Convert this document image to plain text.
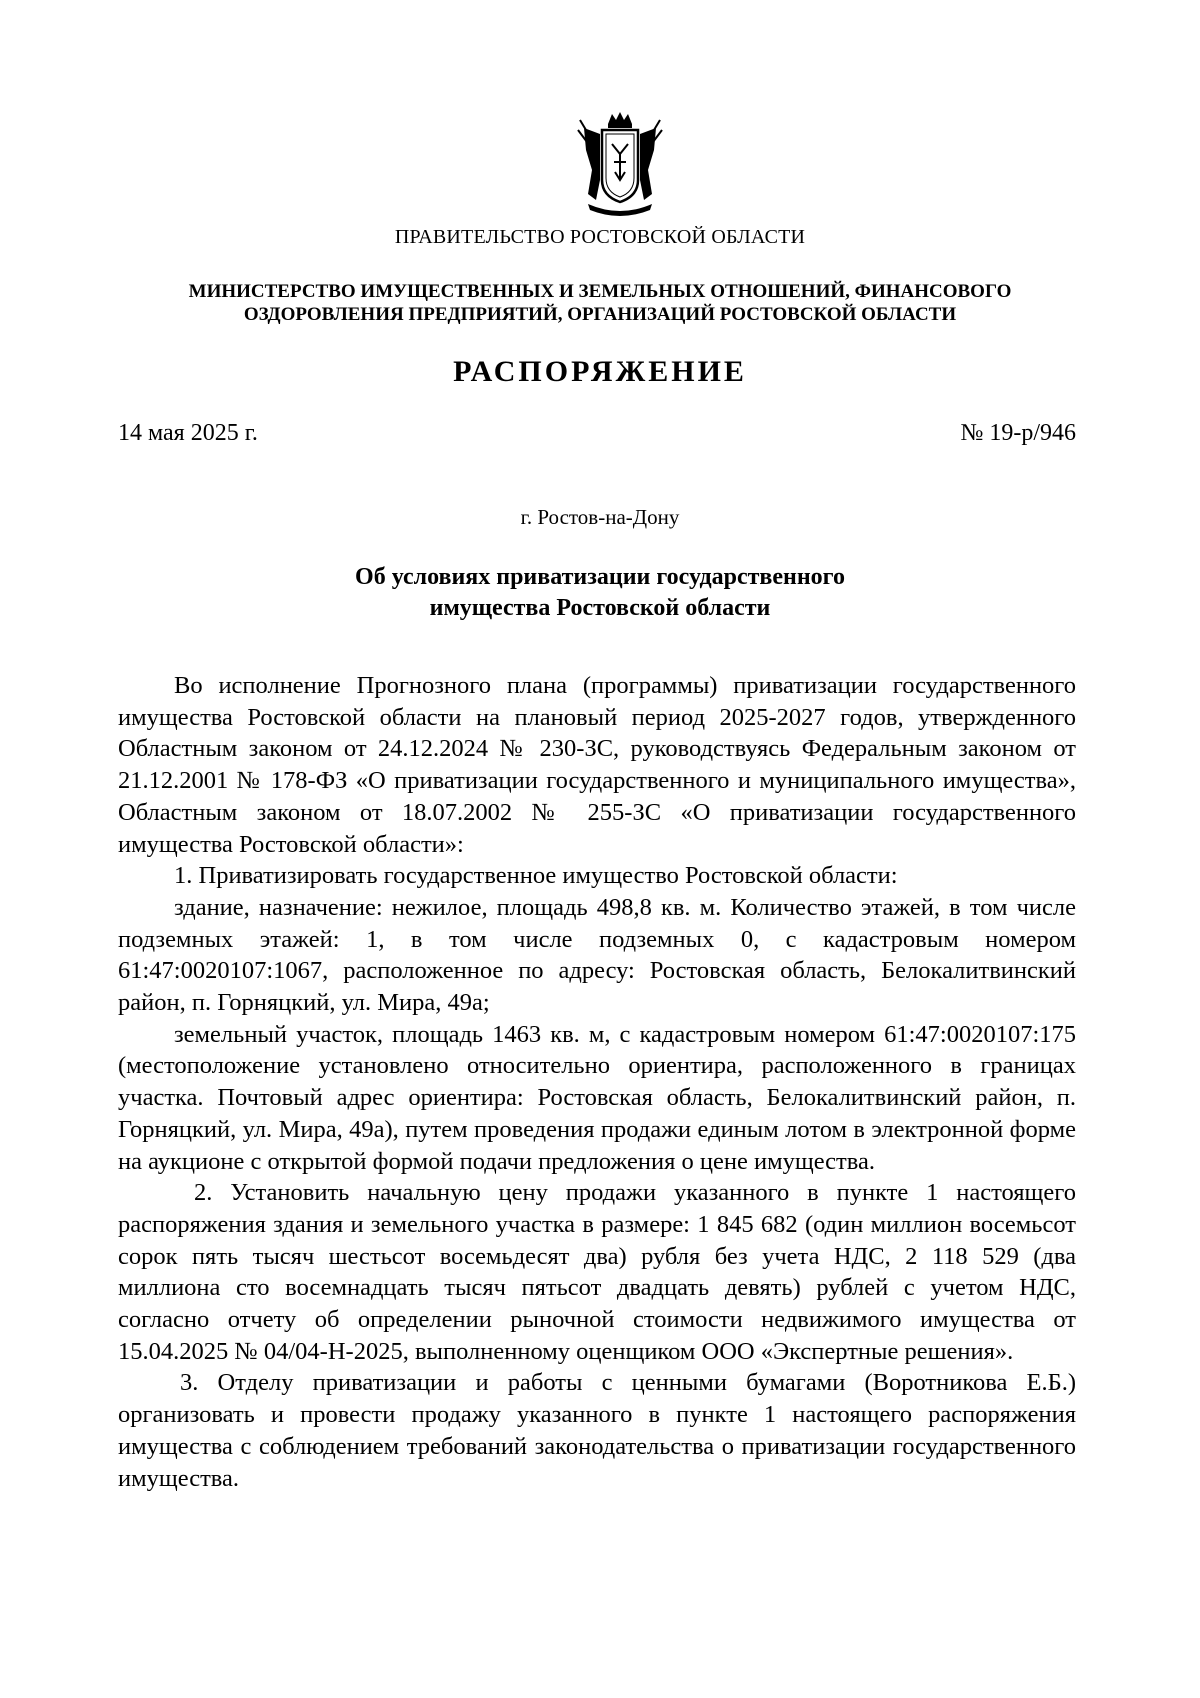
ПРАВИТЕЛЬСТВО РОСТОВСКОЙ ОБЛАСТИ
МИНИСТЕРСТВО ИМУЩЕСТВЕННЫХ И ЗЕМЕЛЬНЫХ ОТНОШЕНИЙ, ФИНАНСОВОГО
ОЗДОРОВЛЕНИЯ ПРЕДПРИЯТИЙ, ОРГАНИЗАЦИЙ РОСТОВСКОЙ ОБЛАСТИ
РАСПОРЯЖЕНИЕ
14 мая 2025 г.	№ 19-р/946
г. Ростов-на-Дону
Об условиях приватизации государственного
имущества Ростовской области

Во исполнение Прогнозного плана (программы) приватизации государственного имущества Ростовской области на плановый период 2025-2027 годов, утвержденного Областным законом от 24.12.2024 № 230-ЗС, руководствуясь Федеральным законом от 21.12.2001 № 178-ФЗ «О приватизации государственного и муниципального имущества», Областным законом от 18.07.2002 № 255-ЗС «О приватизации государственного имущества Ростовской области»:

1. Приватизировать государственное имущество Ростовской области:

здание, назначение: нежилое, площадь 498,8 кв. м. Количество этажей, в том числе подземных этажей: 1, в том числе подземных 0, с кадастровым номером 61:47:0020107:1067, расположенное по адресу: Ростовская область, Белокалитвинский район, п. Горняцкий, ул. Мира, 49а;

земельный участок, площадь 1463 кв. м, с кадастровым номером 61:47:0020107:175 (местоположение установлено относительно ориентира, расположенного в границах участка. Почтовый адрес ориентира: Ростовская область, Белокалитвинский район, п. Горняцкий, ул. Мира, 49а), путем проведения продажи единым лотом в электронной форме на аукционе с открытой формой подачи предложения о цене имущества.

2. Установить начальную цену продажи указанного в пункте 1 настоящего распоряжения здания и земельного участка в размере: 1 845 682 (один миллион восемьсот сорок пять тысяч шестьсот восемьдесят два) рубля без учета НДС, 2 118 529 (два миллиона сто восемнадцать тысяч пятьсот двадцать девять) рублей с учетом НДС, согласно отчету об определении рыночной стоимости недвижимого имущества от 15.04.2025 № 04/04-Н-2025, выполненному оценщиком ООО «Экспертные решения».

3. Отделу приватизации и работы с ценными бумагами (Воротникова Е.Б.) организовать и провести продажу указанного в пункте 1 настоящего распоряжения имущества с соблюдением требований законодательства о приватизации государственного имущества.
